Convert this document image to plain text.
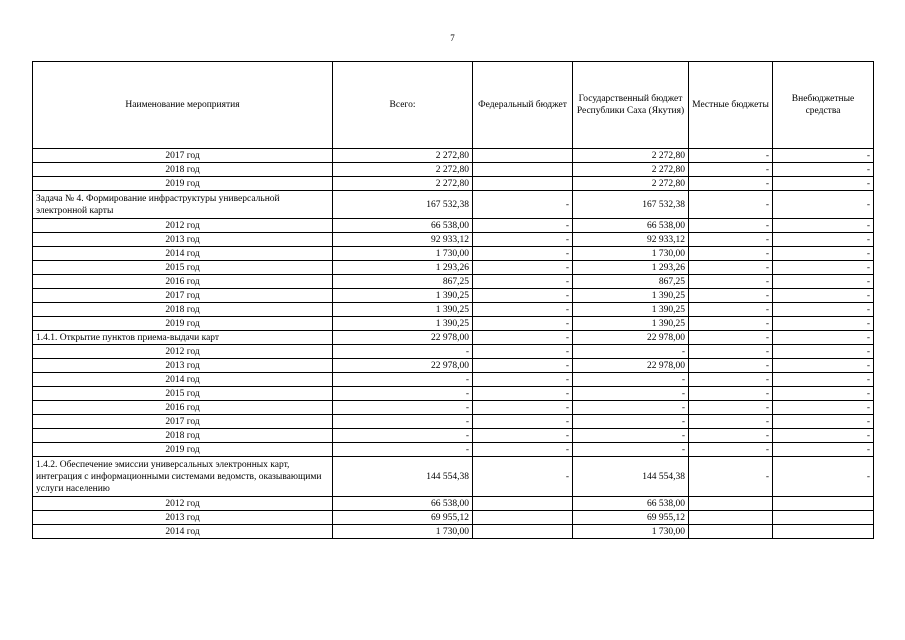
7
Наименование мероприятия	Всего:	Федеральный бюджет	Государственный бюджет Республики Саха (Якутия)	Местные бюджеты	Внебюджетные средства
2017 год	2 272,80		2 272,80	-	-
2018 год	2 272,80		2 272,80	-	-
2019 год	2 272,80		2 272,80	-	-
Задача № 4. Формирование инфраструктуры универсальной электронной карты	167 532,38	-	167 532,38	-	-
2012 год	66 538,00	-	66 538,00	-	-
2013 год	92 933,12	-	92 933,12	-	-
2014 год	1 730,00	-	1 730,00	-	-
2015 год	1 293,26	-	1 293,26	-	-
2016 год	867,25	-	867,25	-	-
2017 год	1 390,25	-	1 390,25	-	-
2018 год	1 390,25	-	1 390,25	-	-
2019 год	1 390,25	-	1 390,25	-	-
1.4.1. Открытие пунктов приема-выдачи карт	22 978,00	-	22 978,00	-	-
2012 год	-	-	-	-	-
2013 год	22 978,00	-	22 978,00	-	-
2014 год	-	-	-	-	-
2015 год	-	-	-	-	-
2016 год	-	-	-	-	-
2017 год	-	-	-	-	-
2018 год	-	-	-	-	-
2019 год	-	-	-	-	-
1.4.2. Обеспечение эмиссии универсальных электронных карт, интеграция с информационными системами ведомств, оказывающими услуги населению	144 554,38	-	144 554,38	-	-
2012 год	66 538,00		66 538,00		
2013 год	69 955,12		69 955,12		
2014 год	1 730,00		1 730,00		
